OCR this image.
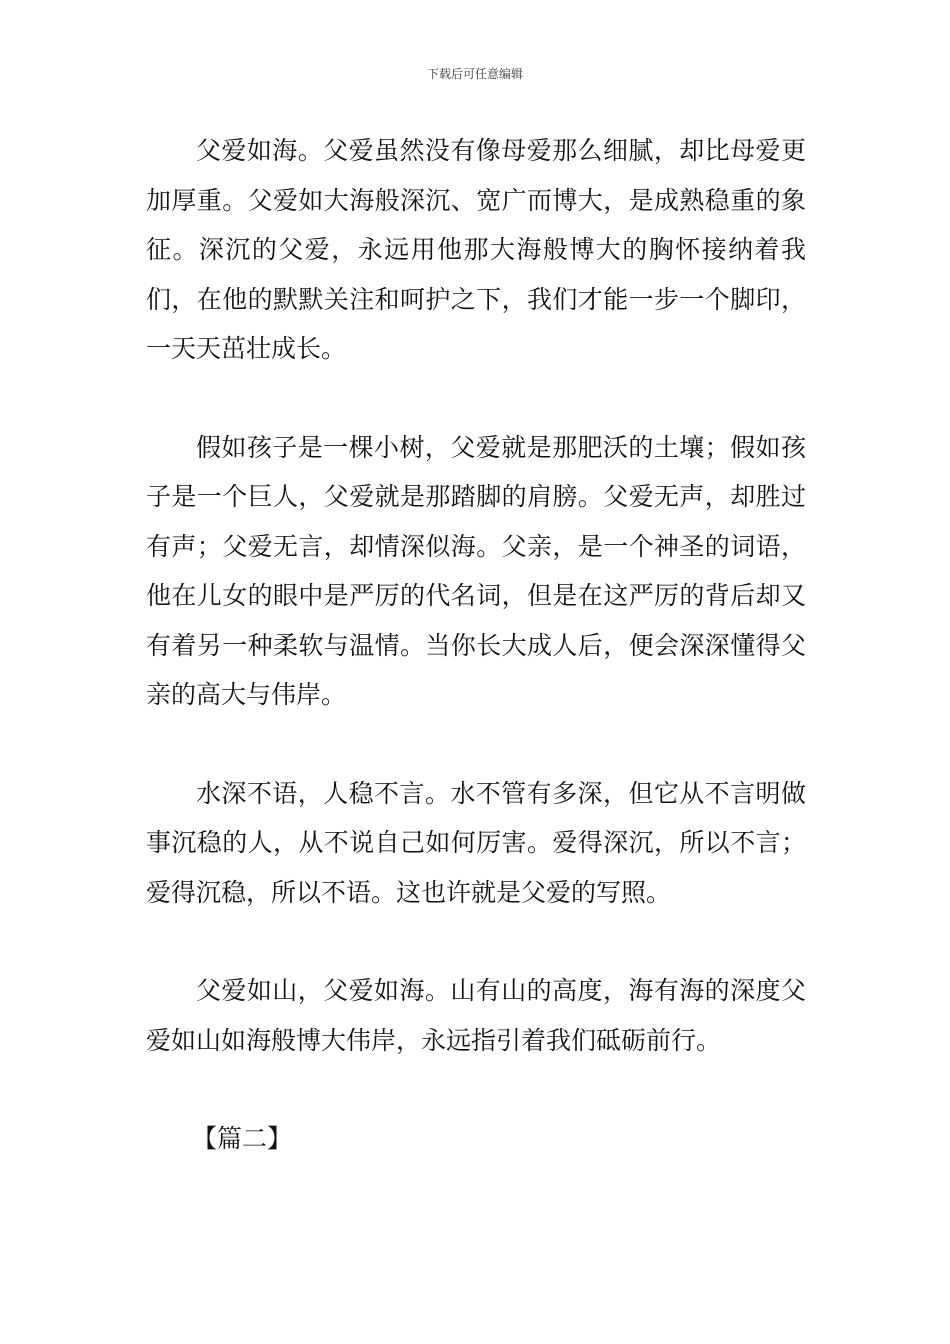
下载后可任意编辑

父爱如海。父爱虽然没有像母爱那么细腻，却比母爱更加厚重。父爱如大海般深沉、宽广而博大，是成熟稳重的象征。深沉的父爱，永远用他那大海般博大的胸怀接纳着我们，在他的默默关注和呵护之下，我们才能一步一个脚印，一天天茁壮成长。

假如孩子是一棵小树，父爱就是那肥沃的土壤；假如孩子是一个巨人，父爱就是那踏脚的肩膀。父爱无声，却胜过有声；父爱无言，却情深似海。父亲，是一个神圣的词语，他在儿女的眼中是严厉的代名词，但是在这严厉的背后却又有着另一种柔软与温情。当你长大成人后，便会深深懂得父亲的高大与伟岸。

水深不语，人稳不言。水不管有多深，但它从不言明做事沉稳的人，从不说自己如何厉害。爱得深沉，所以不言；爱得沉稳，所以不语。这也许就是父爱的写照。

父爱如山，父爱如海。山有山的高度，海有海的深度父爱如山如海般博大伟岸，永远指引着我们砥砺前行。

【篇二】
